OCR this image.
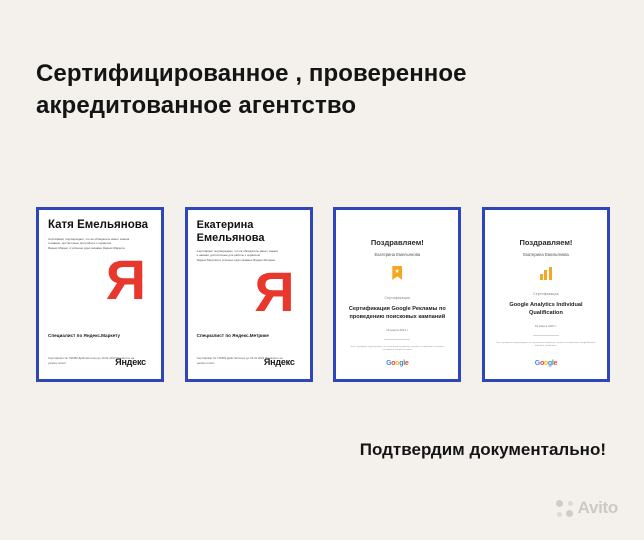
Сертифицированное , проверенное
акредитованное агентство
Катя Емельянова
Сертификат подтверждает, что её обладатель имеет знания и навыки, достаточные для работы с сервисом Яндекс.Маркет и успешно сдал экзамен Яндекс.Маркета
Я
Специалист по Яндекс.Маркету
Сертификат № 746480 Действителен до 19.01.2023 Проверить на yandex.ru/cert	Яндекс
Екатерина Емельянова
Сертификат подтверждает, что её обладатель имеет знания и навыки, достаточные для работы с сервисом Яндекс.Метрика и успешно сдал экзамен Яндекс.Метрики
Я
Специалист по Яндекс.Метрике
Сертификат № 746481 Действителен до 19.01.2023 Проверить на yandex.ru/cert	Яндекс
Поздравляем!
Екатерина Емельянова
★
Сертификация
Сертификация Google Рекламы по проведению поисковых кампаний
19 марта 2021 г.
Этот сертификат подтверждает, что указанный специалист прошёл тестирование и получил сертификат Google Рекламы.
Google
Поздравляем!
Екатерина Емельянова
Сертификация
Google Analytics Individual Qualification
19 марта 2021 г.
Этот сертификат подтверждает, что указанный специалист прошёл тестирование Google Analytics Individual Qualification.
Google
Подтвердим документально!
Avito
